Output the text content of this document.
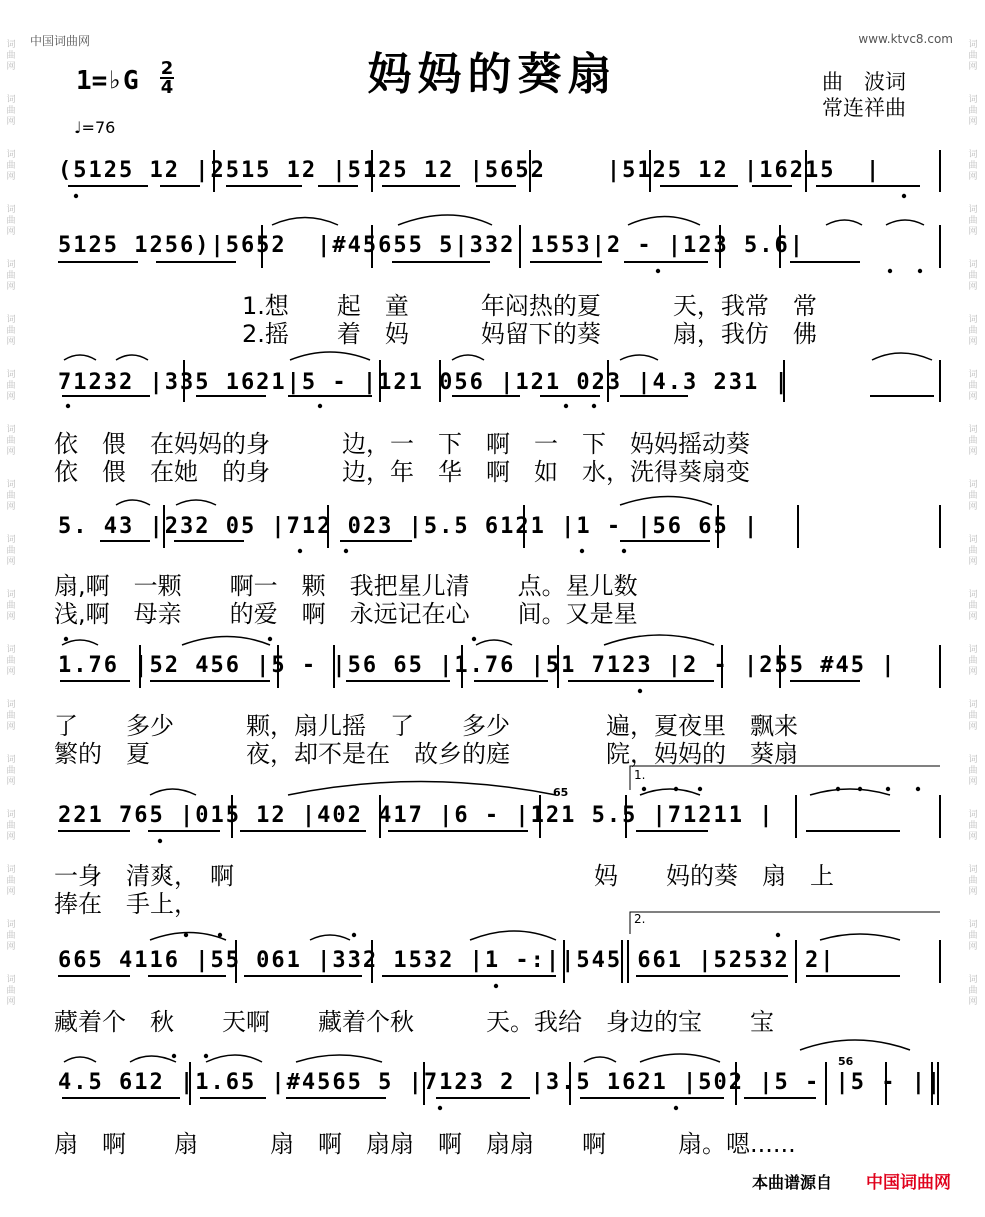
中国词曲网	www.ktvc8.com
妈妈的葵扇
1=♭G 2
4
♩=76
曲　波词
常连祥曲
词
曲
网

词
曲
网

词
曲
网

词
曲
网

词
曲
网

词
曲
网

词
曲
网

词
曲
网

词
曲
网

词
曲
网

词
曲
网

词
曲
网

词
曲
网

词
曲
网

词
曲
网

词
曲
网

词
曲
网

词
曲
网
词
曲
网

词
曲
网

词
曲
网

词
曲
网

词
曲
网

词
曲
网

词
曲
网

词
曲
网

词
曲
网

词
曲
网

词
曲
网

词
曲
网

词
曲
网

词
曲
网

词
曲
网

词
曲
网

词
曲
网

词
曲
网
(5125 12 |2515 12 |5125 12 |5652    |5125 12 |16215  |
5125 1256)|5652  |#45655 5|332 1553|2 - |123 5.6|
1.想　　起　童　　　年闷热的夏　　　天，我常　常
2.摇　　着　妈　　　妈留下的葵　　　扇，我仿　佛
71232 |335 1621|5 - |121 056 |121 023 |4.3 231 |
依　偎　在妈妈的身　　　边，一　下　啊　一　下　妈妈摇动葵
依　偎　在她　的身　　　边，年　华　啊　如　水，洗得葵扇变
5. 43 |232 05 |712 023 |5.5 6121 |1 - |56 65 |
扇,啊　一颗　　啊一　颗　我把星儿清　　点。星儿数
浅,啊　母亲　　的爱　啊　永远记在心　　间。又是星
1.76 |52 456 |5 - |56 65 |1.76 |51 7123 |2 - |255 #45 |
了　　多少　　　颗，扇儿摇　了　　多少　　　　遍，夏夜里　飘来
繁的　夏　　　　夜，却不是在　故乡的庭　　　　院，妈妈的　葵扇
221 765 |015 12 |402 417 |6 - |121 5.5 |71211 |
一身　清爽，　啊　　　　　　　　　　　　　　　妈　　妈的葵　扇　上
捧在　手上，
665 4116 |55 061 |332 1532 |1 -:||545 661 |52532 2|
藏着个　秋　　天啊　　藏着个秋　　　天。我给　身边的宝　　宝
4.5 612 |1.65 |#4565 5 |7123 2 |3.5 1621 |502 |5 - |5 - ||
扇　啊　　扇　　　扇　啊　扇扇　啊　扇扇　　啊　　　扇。嗯......
1.
2.
65
56
本曲谱源自 中国词曲网
